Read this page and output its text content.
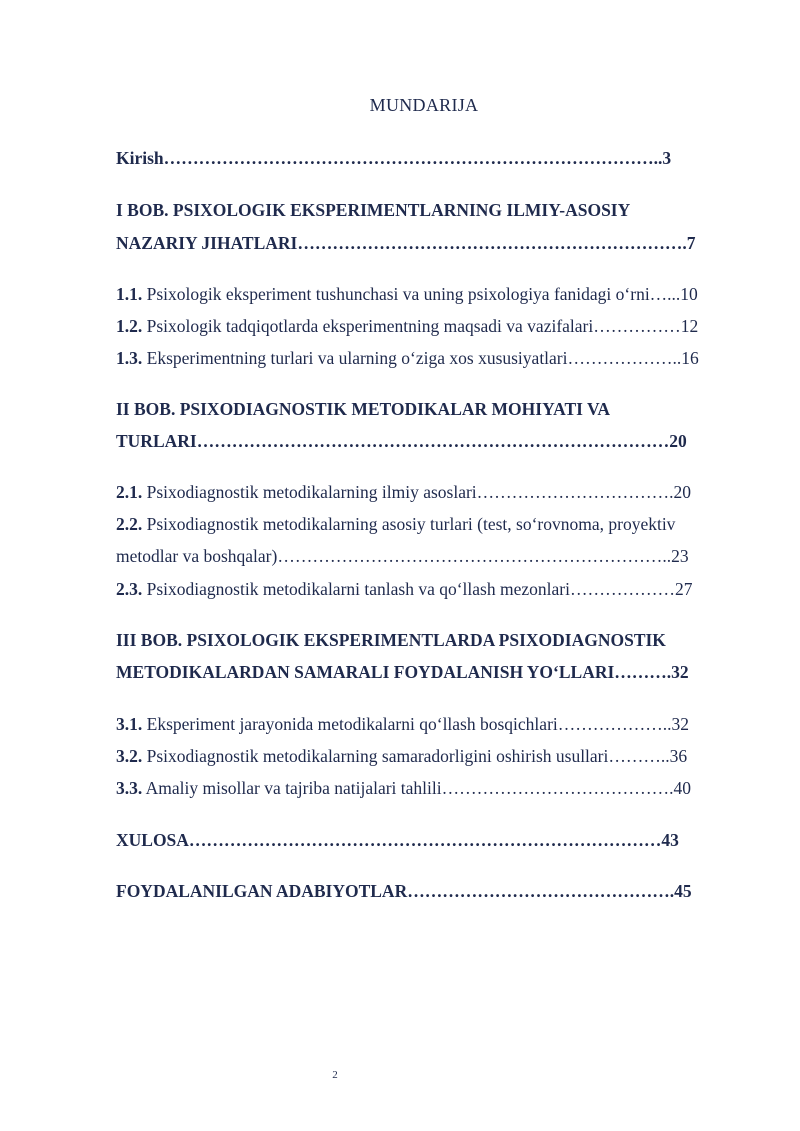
MUNDARIJA
Kirish…………………………………………………………………………..3
I BOB. PSIXOLOGIK EKSPERIMENTLARNING ILMIY-ASOSIY
NAZARIY JIHATLARI………………………………………………………….7
1.1. Psixologik eksperiment tushunchasi va uning psixologiya fanidagi o‘rni…...10
1.2. Psixologik tadqiqotlarda eksperimentning maqsadi va vazifalari……………12
1.3. Eksperimentning turlari va ularning o‘ziga xos xususiyatlari………………..16
II BOB. PSIXODIAGNOSTIK METODIKALAR MOHIYATI VA
TURLARI………………………………………………………………………20
2.1. Psixodiagnostik metodikalarning ilmiy asoslari…………………………….20
2.2. Psixodiagnostik metodikalarning asosiy turlari (test, so‘rovnoma, proyektiv
metodlar va boshqalar)…………………………………………………………..23
2.3. Psixodiagnostik metodikalarni tanlash va qo‘llash mezonlari………………27
III BOB. PSIXOLOGIK EKSPERIMENTLARDA PSIXODIAGNOSTIK
METODIKALARDAN SAMARALI FOYDALANISH YO‘LLARI……….32
3.1. Eksperiment jarayonida metodikalarni qo‘llash bosqichlari………………..32
3.2. Psixodiagnostik metodikalarning samaradorligini oshirish usullari………..36
3.3. Amaliy misollar va tajriba natijalari tahlili………………………………….40
XULOSA………………………………………………………………………43
FOYDALANILGAN ADABIYOTLAR……………………………………….45
2
